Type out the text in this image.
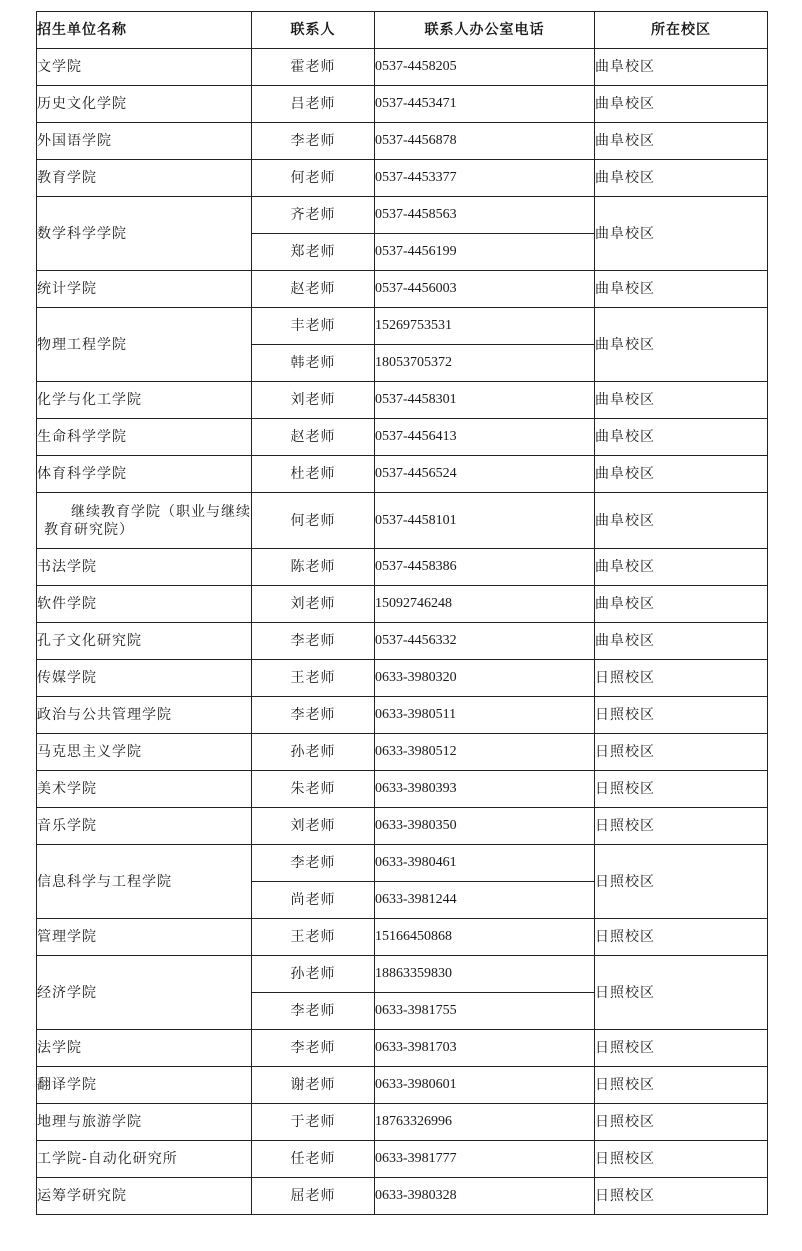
招生单位名称	联系人	联系人办公室电话	所在校区
文学院	霍老师	0537-4458205	曲阜校区
历史文化学院	吕老师	0537-4453471	曲阜校区
外国语学院	李老师	0537-4456878	曲阜校区
教育学院	何老师	0537-4453377	曲阜校区
数学科学学院	齐老师	0537-4458563	曲阜校区
	郑老师	0537-4456199	
统计学院	赵老师	0537-4456003	曲阜校区
物理工程学院	丰老师	15269753531	曲阜校区
	韩老师	18053705372	
化学与化工学院	刘老师	0537-4458301	曲阜校区
生命科学学院	赵老师	0537-4456413	曲阜校区
体育科学学院	杜老师	0537-4456524	曲阜校区
继续教育学院（职业与继续教育研究院）	何老师	0537-4458101	曲阜校区
书法学院	陈老师	0537-4458386	曲阜校区
软件学院	刘老师	15092746248	曲阜校区
孔子文化研究院	李老师	0537-4456332	曲阜校区
传媒学院	王老师	0633-3980320	日照校区
政治与公共管理学院	李老师	0633-3980511	日照校区
马克思主义学院	孙老师	0633-3980512	日照校区
美术学院	朱老师	0633-3980393	日照校区
音乐学院	刘老师	0633-3980350	日照校区
信息科学与工程学院	李老师	0633-3980461	日照校区
	尚老师	0633-3981244	
管理学院	王老师	15166450868	日照校区
经济学院	孙老师	18863359830	日照校区
	李老师	0633-3981755	
法学院	李老师	0633-3981703	日照校区
翻译学院	谢老师	0633-3980601	日照校区
地理与旅游学院	于老师	18763326996	日照校区
工学院-自动化研究所	任老师	0633-3981777	日照校区
运筹学研究院	屈老师	0633-3980328	日照校区
